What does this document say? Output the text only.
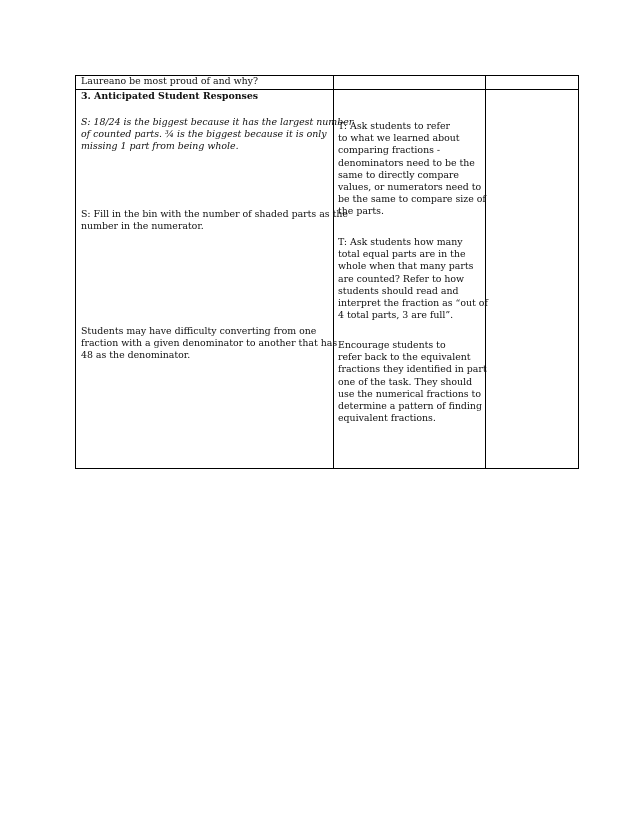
Laureano be most proud of and why?
3. Anticipated Student Responses
S: 18/24 is the biggest because it has the largest number
of counted parts. ¾ is the biggest because it is only
missing 1 part from being whole.
S: Fill in the bin with the number of shaded parts as the
number in the numerator.
Students may have difficulty converting from one
fraction with a given denominator to another that has
48 as the denominator.
T: Ask students to refer
to what we learned about
comparing fractions -
denominators need to be the
same to directly compare
values, or numerators need to
be the same to compare size of
the parts.
T: Ask students how many
total equal parts are in the
whole when that many parts
are counted? Refer to how
students should read and
interpret the fraction as “out of
4 total parts, 3 are full”.
Encourage students to
refer back to the equivalent
fractions they identified in part
one of the task. They should
use the numerical fractions to
determine a pattern of finding
equivalent fractions.
